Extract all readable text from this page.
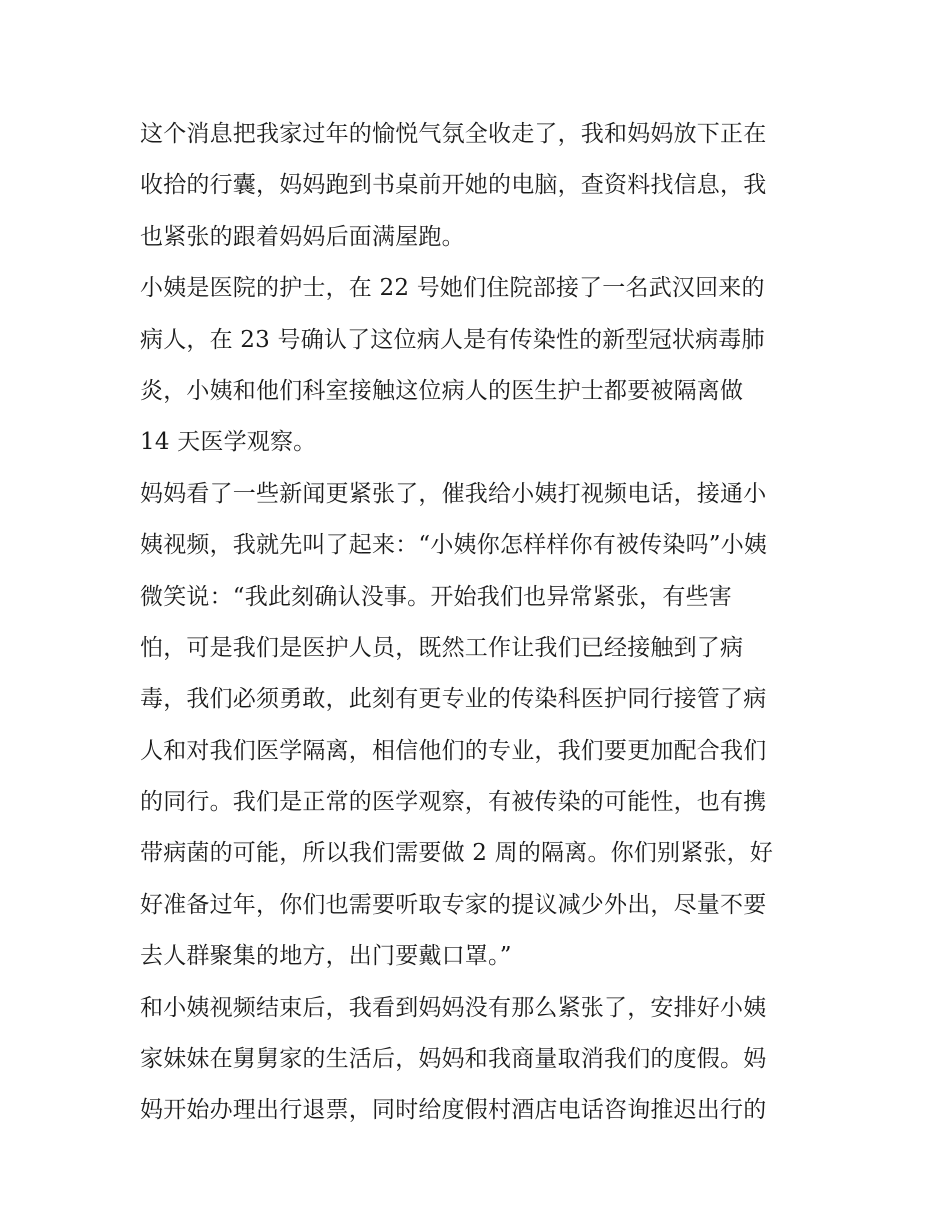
这个消息把我家过年的愉悦气氛全收走了，我和妈妈放下正在
收拾的行囊，妈妈跑到书桌前开她的电脑，查资料找信息，我
也紧张的跟着妈妈后面满屋跑。
小姨是医院的护士，在 22 号她们住院部接了一名武汉回来的
病人，在 23 号确认了这位病人是有传染性的新型冠状病毒肺
炎，小姨和他们科室接触这位病人的医生护士都要被隔离做
14 天医学观察。
妈妈看了一些新闻更紧张了，催我给小姨打视频电话，接通小
姨视频，我就先叫了起来：“小姨你怎样样你有被传染吗”小姨
微笑说：“我此刻确认没事。开始我们也异常紧张，有些害
怕，可是我们是医护人员，既然工作让我们已经接触到了病
毒，我们必须勇敢，此刻有更专业的传染科医护同行接管了病
人和对我们医学隔离，相信他们的专业，我们要更加配合我们
的同行。我们是正常的医学观察，有被传染的可能性，也有携
带病菌的可能，所以我们需要做 2 周的隔离。你们别紧张，好
好准备过年，你们也需要听取专家的提议减少外出，尽量不要
去人群聚集的地方，出门要戴口罩。”
和小姨视频结束后，我看到妈妈没有那么紧张了，安排好小姨
家妹妹在舅舅家的生活后，妈妈和我商量取消我们的度假。妈
妈开始办理出行退票，同时给度假村酒店电话咨询推迟出行的
